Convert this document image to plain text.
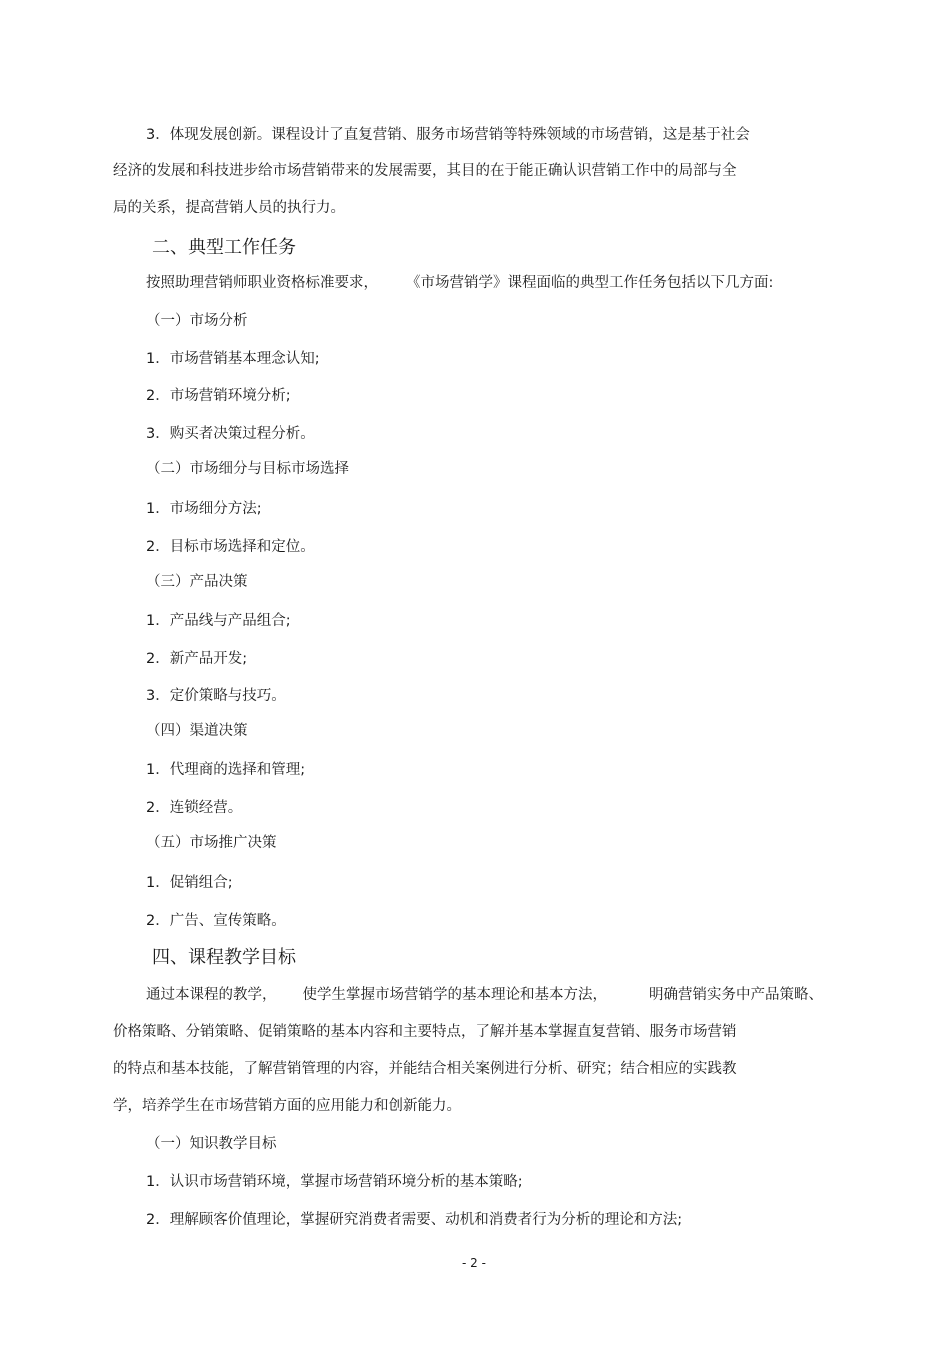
3．体现发展创新。课程设计了直复营销、服务市场营销等特殊领域的市场营销，这是基于社会
经济的发展和科技进步给市场营销带来的发展需要，其目的在于能正确认识营销工作中的局部与全
局的关系，提高营销人员的执行力。
二、典型工作任务
按照助理营销师职业资格标准要求， 《市场营销学》课程面临的典型工作任务包括以下几方面:
（一）市场分析
1．市场营销基本理念认知;
2．市场营销环境分析;
3．购买者决策过程分析。
（二）市场细分与目标市场选择
1．市场细分方法;
2．目标市场选择和定位。
（三）产品决策
1．产品线与产品组合;
2．新产品开发;
3．定价策略与技巧。
（四）渠道决策
1．代理商的选择和管理;
2．连锁经营。
（五）市场推广决策
1．促销组合;
2．广告、宣传策略。
四、课程教学目标
通过本课程的教学， 使学生掌握市场营销学的基本理论和基本方法，	明确营销实务中产品策略、
价格策略、分销策略、促销策略的基本内容和主要特点，了解并基本掌握直复营销、服务市场营销
的特点和基本技能，了解营销管理的内容，并能结合相关案例进行分析、研究；结合相应的实践教
学，培养学生在市场营销方面的应用能力和创新能力。
（一）知识教学目标
1．认识市场营销环境，掌握市场营销环境分析的基本策略;
2．理解顾客价值理论，掌握研究消费者需要、动机和消费者行为分析的理论和方法;
- 2 -
